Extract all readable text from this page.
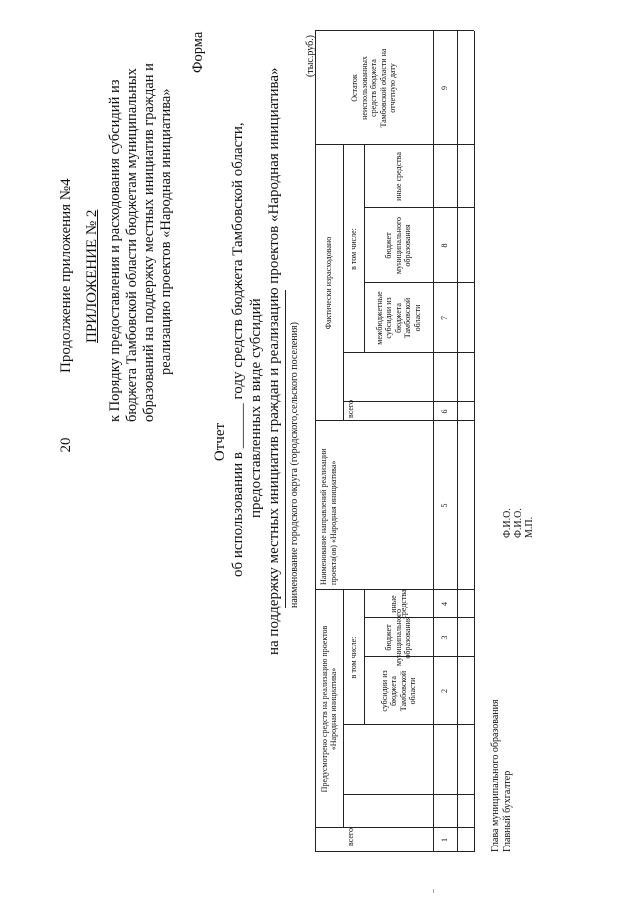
20
Продолжение приложения №4 ПРИЛОЖЕНИЕ № 2 к Порядку предоставления и расходования субсидий из бюджета Тамбовской области бюджетам муниципальных образований на поддержку местных инициатив граждан и реализацию проектов «Народная инициатива»
Форма
Отчет
об использовании в ______ году средств бюджета Тамбовской области,
предоставленных в виде субсидий на поддержку местных инициатив граждан и реализацию проектов «Народная инициатива» наименование городского округа (городского,сельского поселения)
(тыс.руб.)
Предусмотрено средств на реализацию проектов «Народная инициатива»
всего
в том числе:
субсидии из бюджета Тамбовской области
бюджет муниципального образования
иные средства
Наименование направлений реализации проекта(ов) «Народная инициатива»
Фактически израсходовано
всего
в том числе:
межбюджетные субсидии из бюджета Тамбовской области
бюджет муниципального образования
иные средства
Остаток неиспользованных средств бюджета Тамбовской области на отчетную дату
1
2
3
4
5
6
7
8
9
Глава муниципального образования Главный бухгалтер
Ф.И.О. Ф.И.О. М.П.
